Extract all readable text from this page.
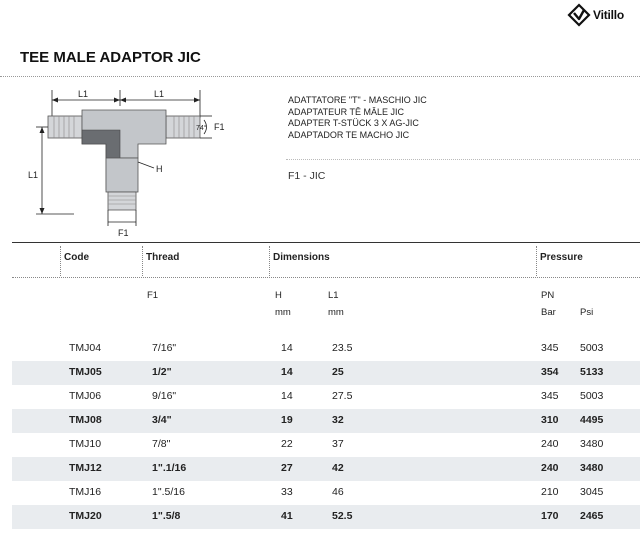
Vitillo
TEE MALE ADAPTOR JIC
L1	L1
H
74° F1
L1
F1
ADATTATORE "T" - MASCHIO JIC
ADAPTATEUR TÊ MÂLE JIC
ADAPTER T-STÜCK 3 X AG-JIC
ADAPTADOR TE MACHO JIC
F1 - JIC
Code	Thread	Dimensions	Pressure
F1	H	L1	PN
mm	mm	Bar	Psi
TMJ04	7/16"	14	23.5	345 5003
TMJ05	1/2"	14	25	354 5133
TMJ06	9/16"	14	27.5	345 5003
TMJ08	3/4"	19	32	310 4495
TMJ10	7/8"	22	37	240 3480
TMJ12	1".1/16	27	42	240 3480
TMJ16	1".5/16	33	46	210 3045
TMJ20	1".5/8	41	52.5	170 2465
